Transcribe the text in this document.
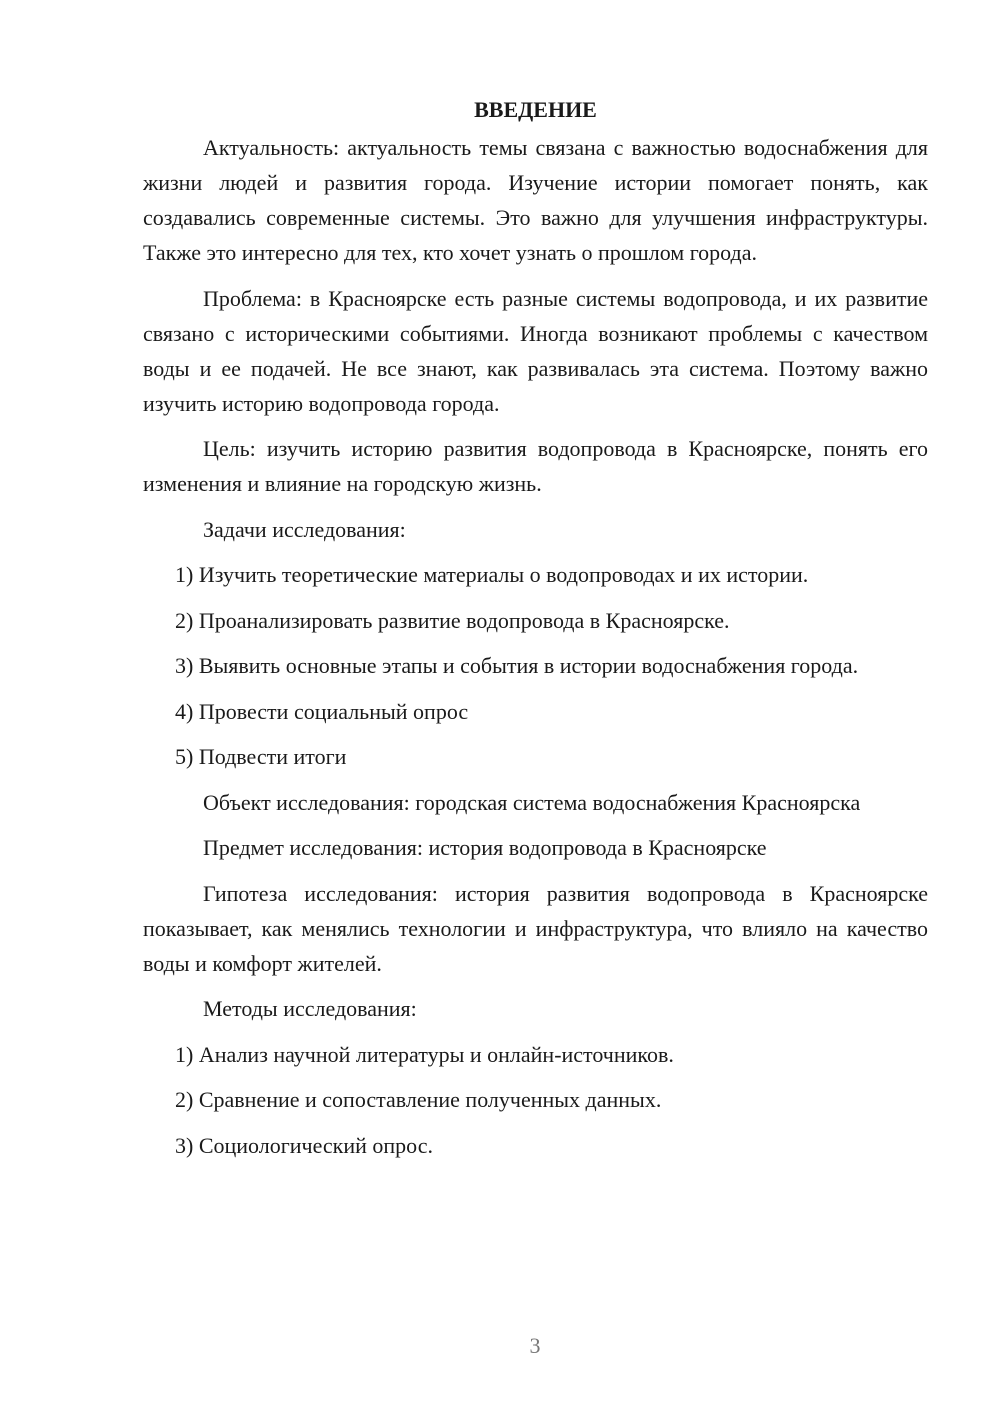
ВВЕДЕНИЕ

Актуальность: актуальность темы связана с важностью водоснабжения для жизни людей и развития города. Изучение истории помогает понять, как создавались современные системы. Это важно для улучшения инфраструктуры. Также это интересно для тех, кто хочет узнать о прошлом города.

Проблема: в Красноярске есть разные системы водопровода, и их развитие связано с историческими событиями. Иногда возникают проблемы с качеством воды и ее подачей. Не все знают, как развивалась эта система. Поэтому важно изучить историю водопровода города.

Цель: изучить историю развития водопровода в Красноярске, понять его изменения и влияние на городскую жизнь.

Задачи исследования:

1) Изучить теоретические материалы о водопроводах и их истории.

2) Проанализировать развитие водопровода в Красноярске.

3) Выявить основные этапы и события в истории водоснабжения города.

4) Провести социальный опрос

5) Подвести итоги

Объект исследования: городская система водоснабжения Красноярска

Предмет исследования: история водопровода в Красноярске

Гипотеза исследования: история развития водопровода в Красноярске показывает, как менялись технологии и инфраструктура, что влияло на качество воды и комфорт жителей.

Методы исследования:

1) Анализ научной литературы и онлайн-источников.

2) Сравнение и сопоставление полученных данных.

3) Социологический опрос.

3
